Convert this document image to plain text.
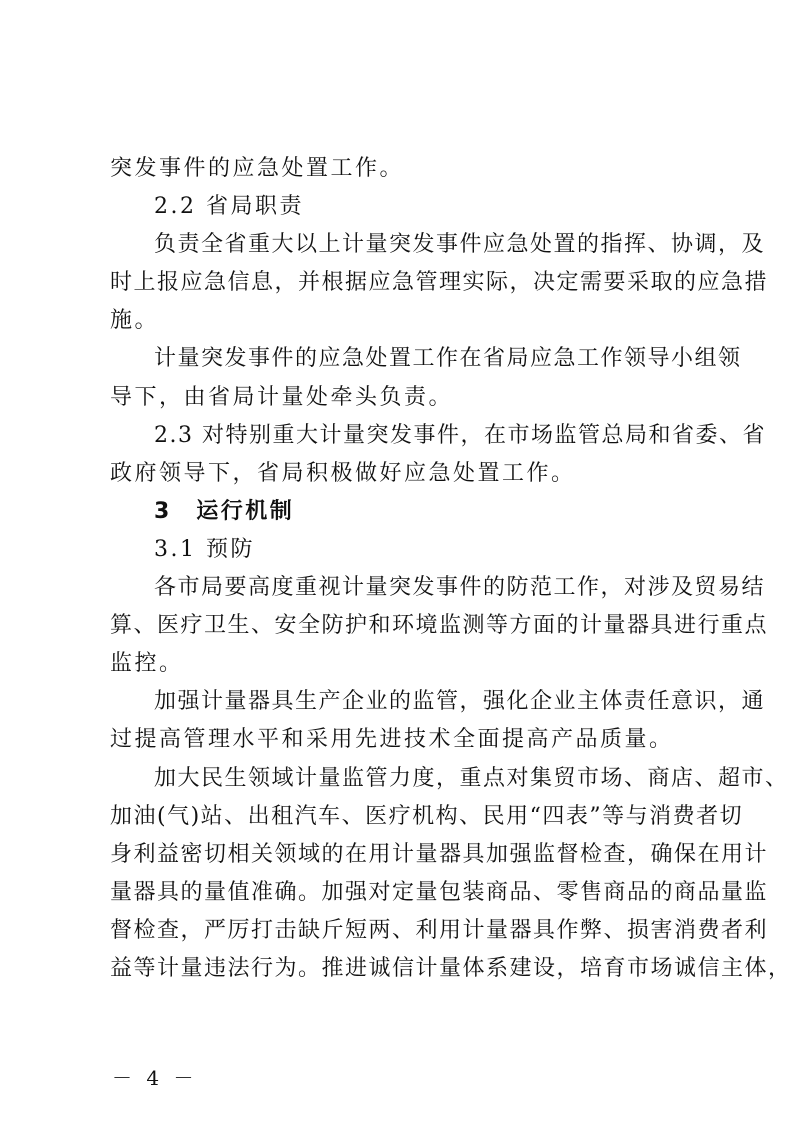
突发事件的应急处置工作。
2.2 省局职责
负责全省重大以上计量突发事件应急处置的指挥、协调，及
时上报应急信息，并根据应急管理实际，决定需要采取的应急措
施。
计量突发事件的应急处置工作在省局应急工作领导小组领
导下，由省局计量处牵头负责。
2.3 对特别重大计量突发事件，在市场监管总局和省委、省
政府领导下，省局积极做好应急处置工作。
3　运行机制
3.1 预防
各市局要高度重视计量突发事件的防范工作，对涉及贸易结
算、医疗卫生、安全防护和环境监测等方面的计量器具进行重点
监控。
加强计量器具生产企业的监管，强化企业主体责任意识，通
过提高管理水平和采用先进技术全面提高产品质量。
加大民生领域计量监管力度，重点对集贸市场、商店、超市、
加油(气)站、出租汽车、医疗机构、民用“四表”等与消费者切
身利益密切相关领域的在用计量器具加强监督检查，确保在用计
量器具的量值准确。加强对定量包装商品、零售商品的商品量监
督检查，严厉打击缺斤短两、利用计量器具作弊、损害消费者利
益等计量违法行为。推进诚信计量体系建设，培育市场诚信主体，
－ 4 －
